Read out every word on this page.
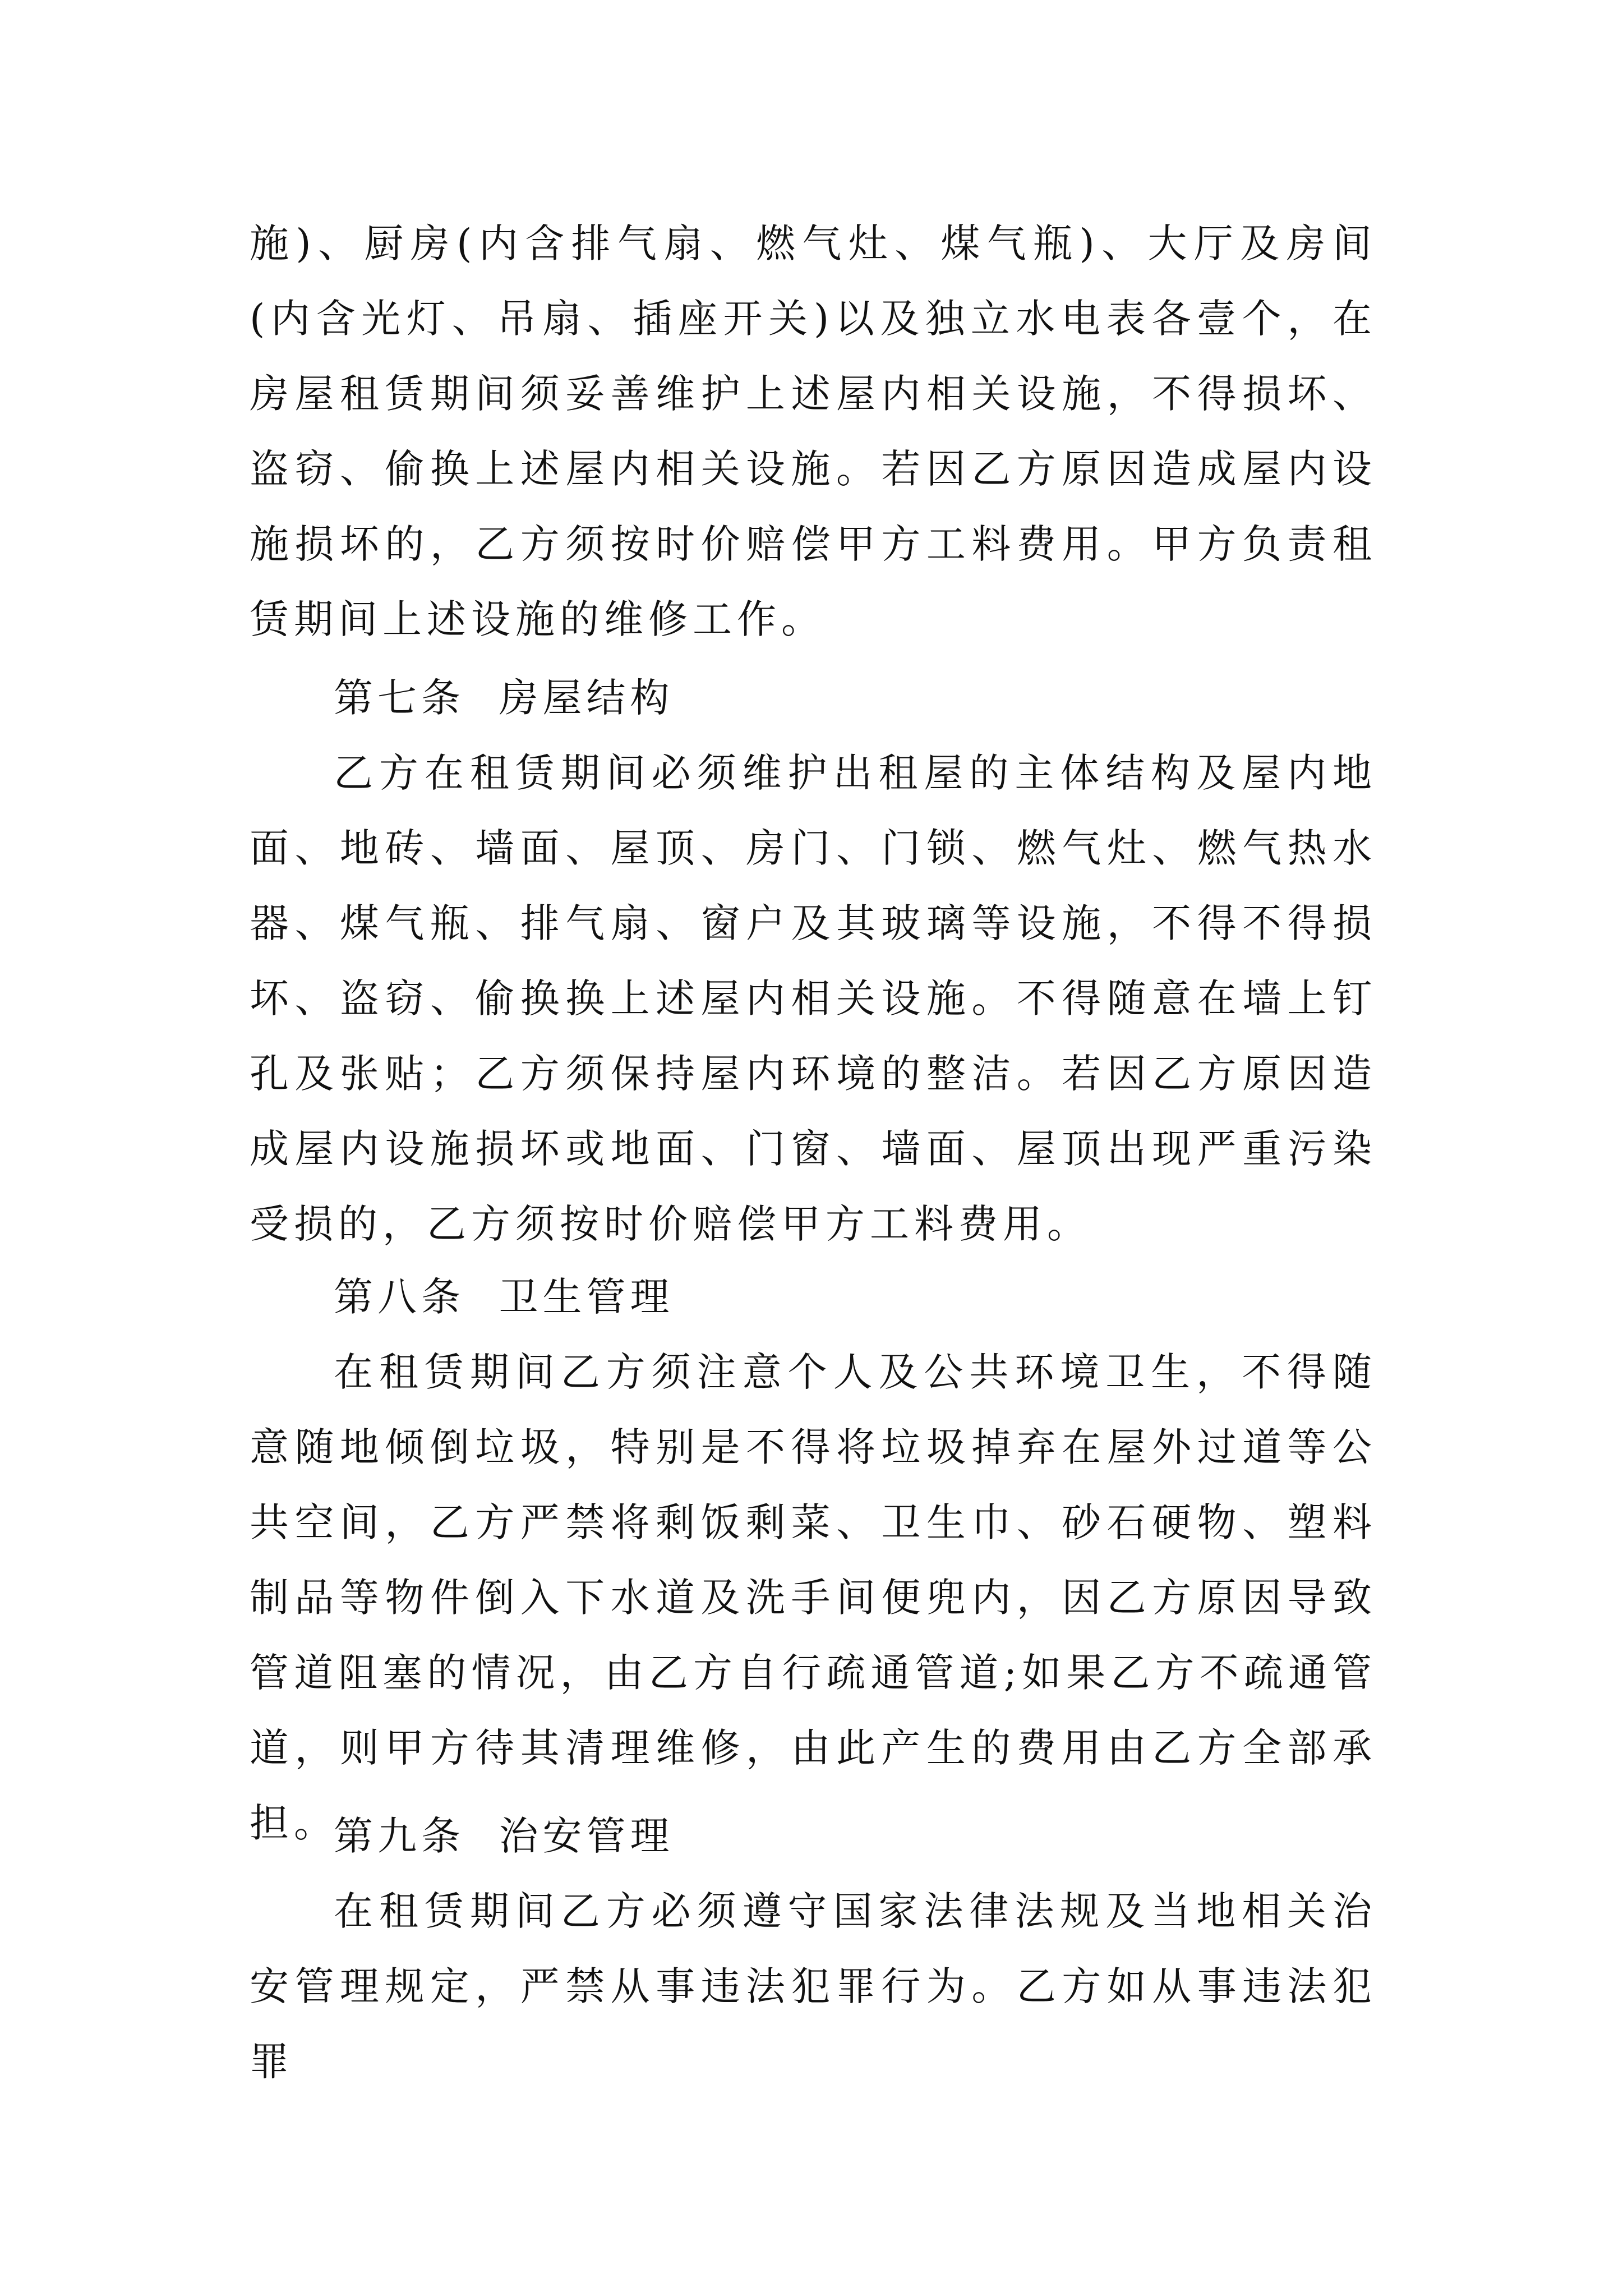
施)、厨房(内含排气扇、燃气灶、煤气瓶)、大厅及房间(内含光灯、吊扇、插座开关)以及独立水电表各壹个，在房屋租赁期间须妥善维护上述屋内相关设施，不得损坏、盗窃、偷换上述屋内相关设施。若因乙方原因造成屋内设施损坏的，乙方须按时价赔偿甲方工料费用。甲方负责租赁期间上述设施的维修工作。

第七条  房屋结构

乙方在租赁期间必须维护出租屋的主体结构及屋内地面、地砖、墙面、屋顶、房门、门锁、燃气灶、燃气热水器、煤气瓶、排气扇、窗户及其玻璃等设施，不得不得损坏、盗窃、偷换换上述屋内相关设施。不得随意在墙上钉孔及张贴；乙方须保持屋内环境的整洁。若因乙方原因造成屋内设施损坏或地面、门窗、墙面、屋顶出现严重污染受损的，乙方须按时价赔偿甲方工料费用。

第八条  卫生管理

在租赁期间乙方须注意个人及公共环境卫生，不得随意随地倾倒垃圾，特别是不得将垃圾掉弃在屋外过道等公共空间，乙方严禁将剩饭剩菜、卫生巾、砂石硬物、塑料制品等物件倒入下水道及洗手间便兜内，因乙方原因导致管道阻塞的情况，由乙方自行疏通管道;如果乙方不疏通管道，则甲方待其清理维修，由此产生的费用由乙方全部承担。

第九条  治安管理

在租赁期间乙方必须遵守国家法律法规及当地相关治安管理规定，严禁从事违法犯罪行为。乙方如从事违法犯罪
